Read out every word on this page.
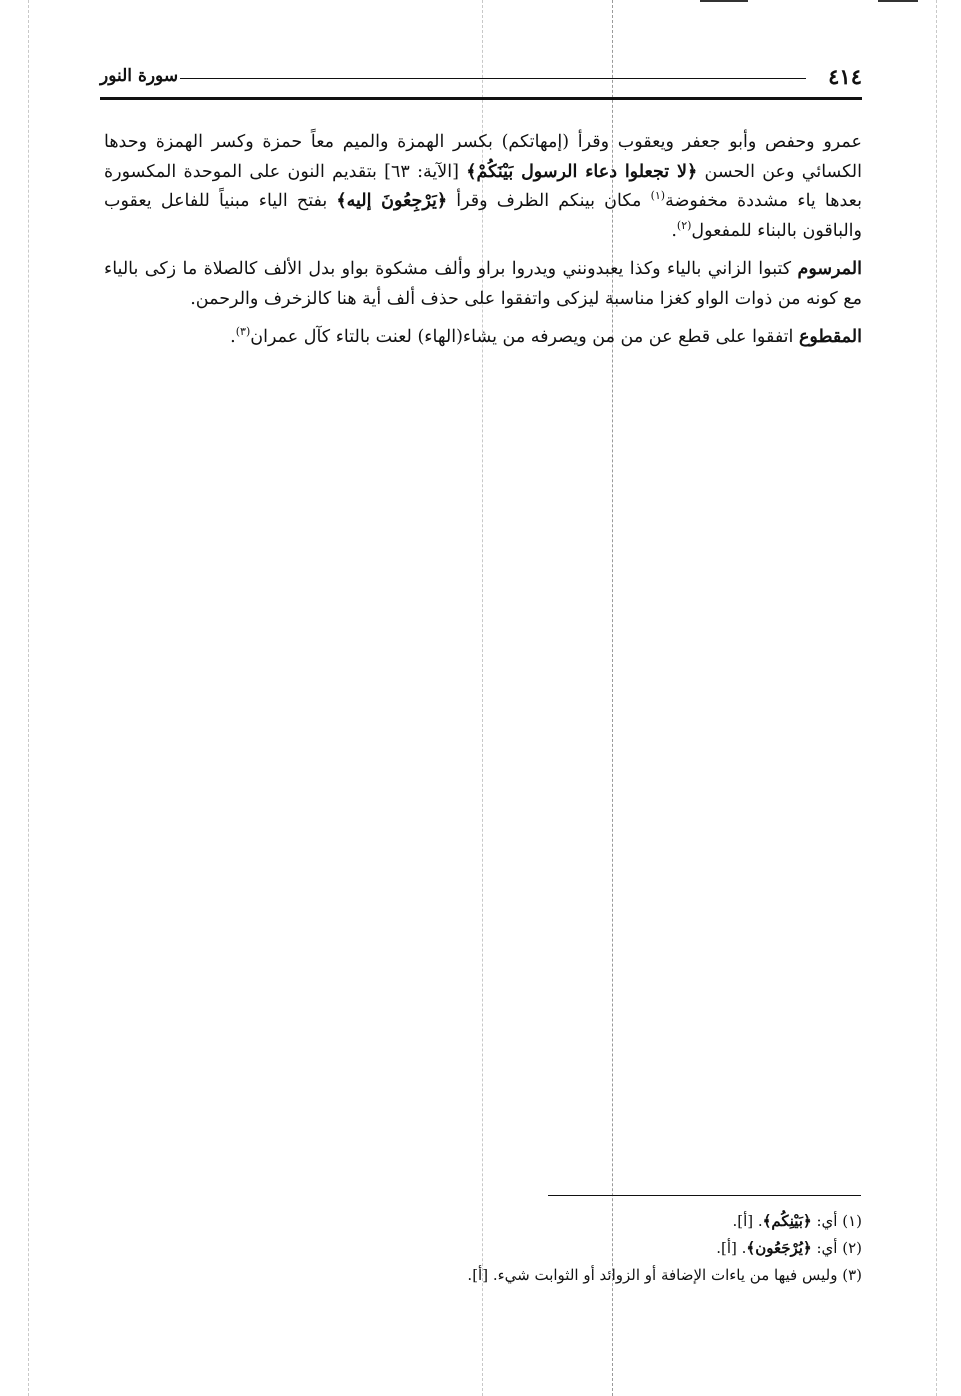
٤١٤
سورة النور

عمرو وحفص وأبو جعفر ويعقوب وقرأ (إمهاتكم) بكسر الهمزة والميم معاً حمزة وكسر الهمزة وحدها الكسائي وعن الحسن ﴿لا تجعلوا دعاء الرسول بَيْنَكُمْ﴾ [الآية: ٦٣] بتقديم النون على الموحدة المكسورة بعدها ياء مشددة مخفوضة$^{(١)}$ مكان بينكم الظرف وقرأ ﴿يَرْجِعُونَ إليه﴾ بفتح الياء مبنياً للفاعل يعقوب والباقون بالبناء للمفعول$^{(٢)}$.

المرسوم كتبوا الزاني بالياء وكذا يعبدونني ويدروا براو وألف مشكوة بواو بدل الألف كالصلاة ما زكى بالياء مع كونه من ذوات الواو كغزا مناسبة ليزكى واتفقوا على حذف ألف أية هنا كالزخرف والرحمن.

المقطوع اتفقوا على قطع عن من من ويصرفه من يشاء(الهاء) لعنت بالتاء كآل عمران$^{(٣)}$.

(١) أي: ﴿بَيْنِكُم﴾. [أ].
(٢) أي: ﴿يُرْجَعُون﴾. [أ].
(٣) وليس فيها من ياءات الإضافة أو الزوائد أو الثوابت شيء. [أ].
